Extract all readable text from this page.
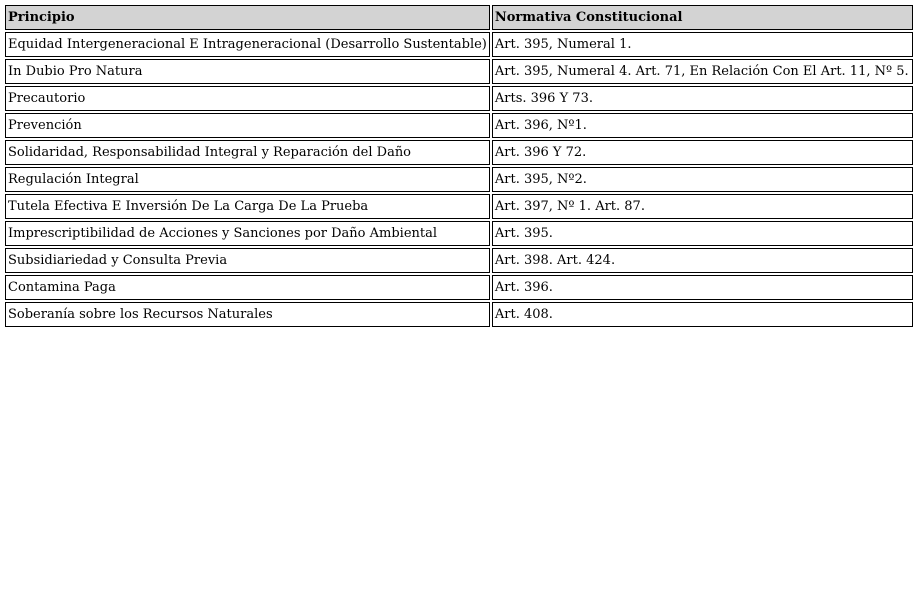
Principio	Normativa Constitucional
Equidad Intergeneracional E Intrageneracional (Desarrollo Sustentable)	Art. 395, Numeral 1.
In Dubio Pro Natura	Art. 395, Numeral 4. Art. 71, En Relación Con El Art. 11, Nº 5.
Precautorio	Arts. 396 Y 73.
Prevención	Art. 396, Nº1.
Solidaridad, Responsabilidad Integral y Reparación del Daño	Art. 396 Y 72.
Regulación Integral	Art. 395, Nº2.
Tutela Efectiva E Inversión De La Carga De La Prueba	Art. 397, Nº 1. Art. 87.
Imprescriptibilidad de Acciones y Sanciones por Daño Ambiental	Art. 395.
Subsidiariedad y Consulta Previa	Art. 398. Art. 424.
Contamina Paga	Art. 396.
Soberanía sobre los Recursos Naturales	Art. 408.
